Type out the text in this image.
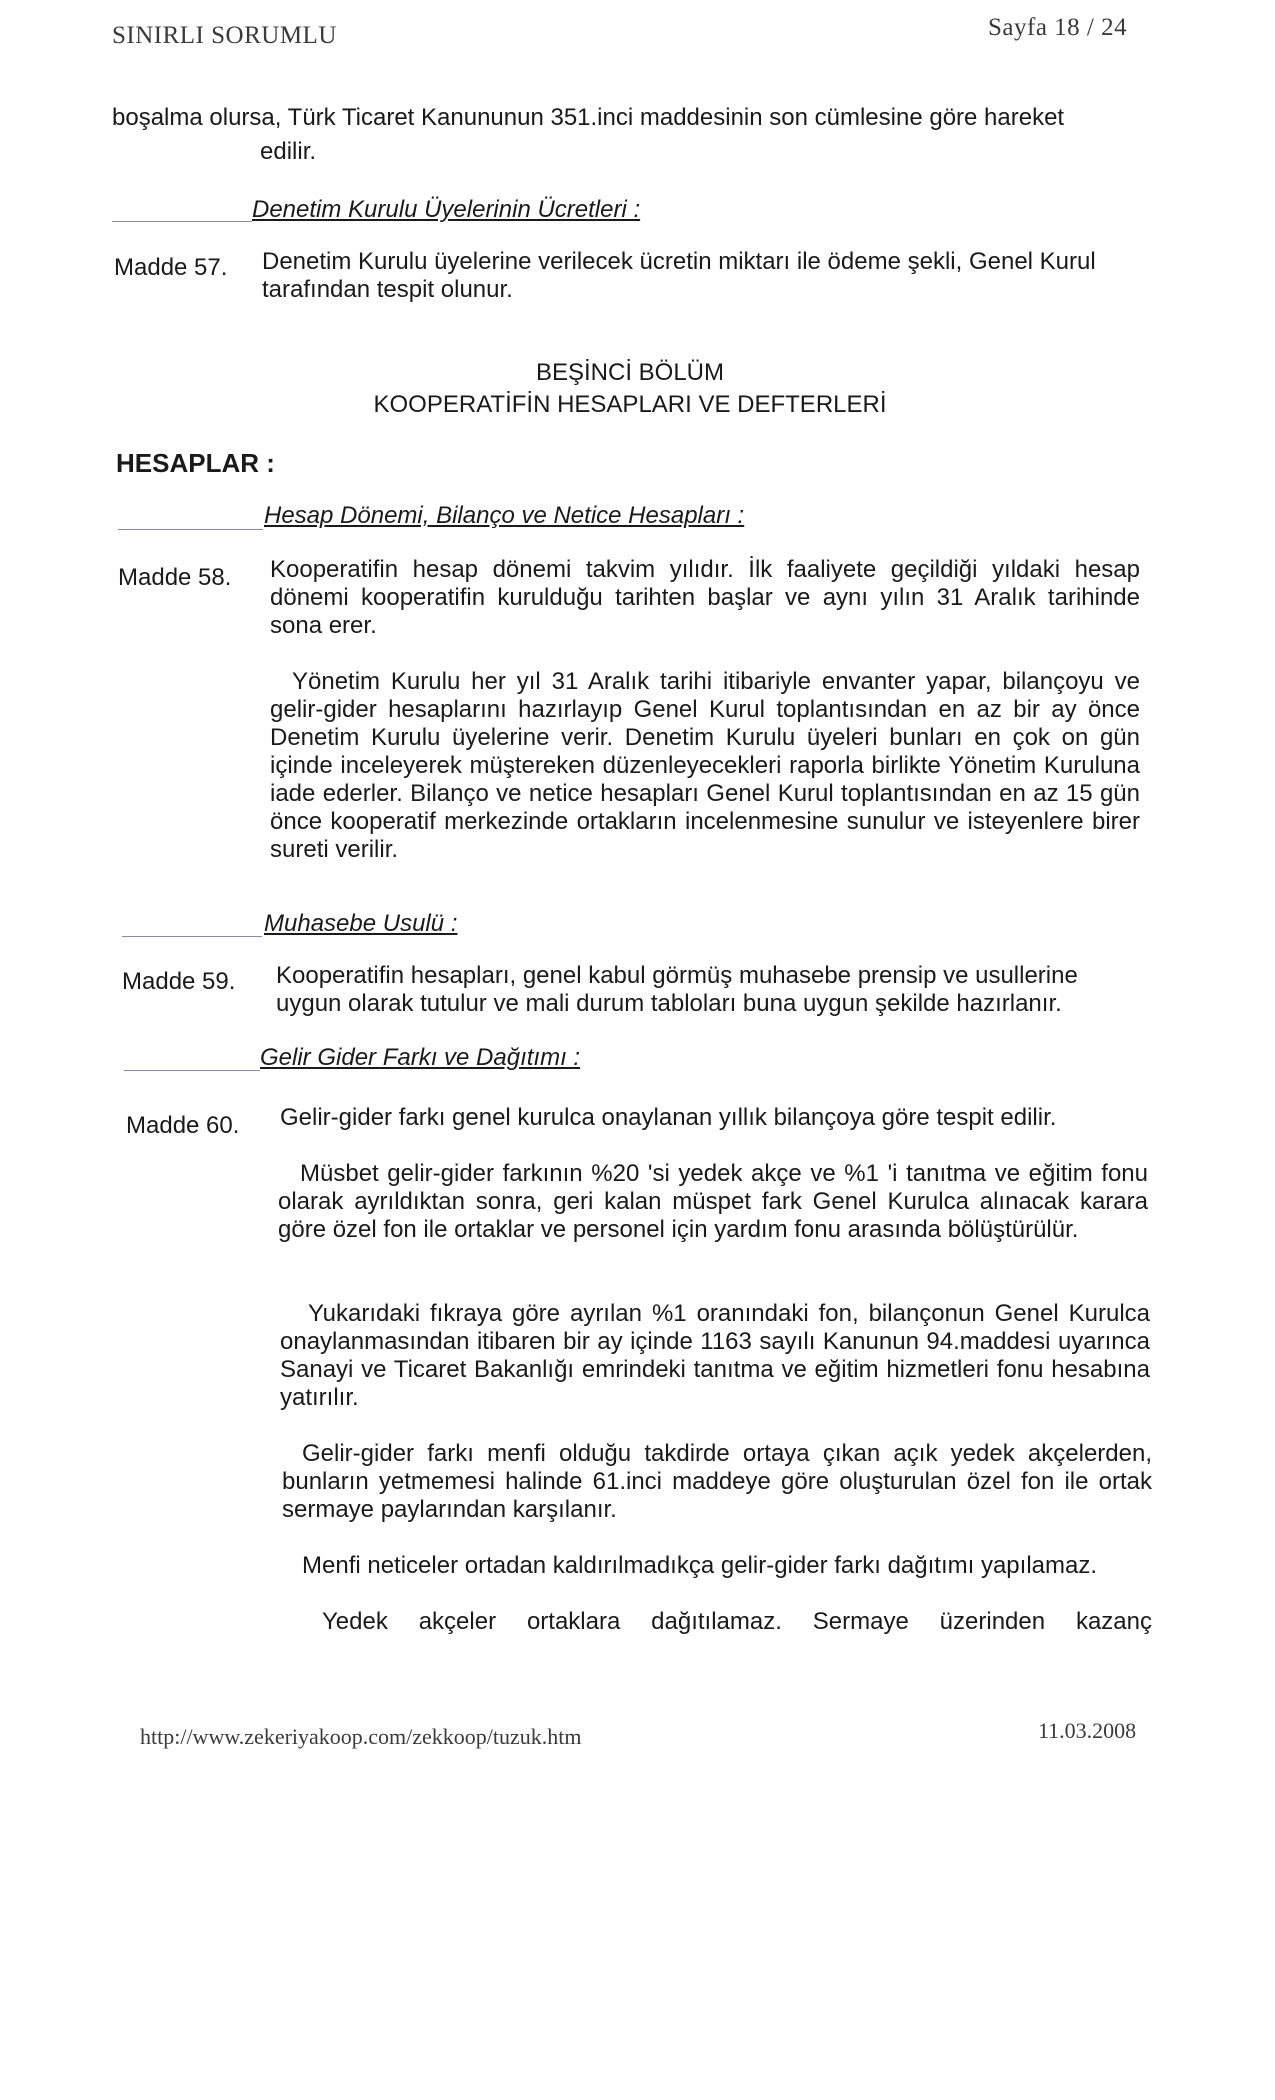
SINIRLI SORUMLU	Sayfa 18 / 24
boşalma olursa, Türk Ticaret Kanununun 351.inci maddesinin son cümlesine göre hareket
edilir.
Denetim Kurulu Üyelerinin Ücretleri :
Madde 57. Denetim Kurulu üyelerine verilecek ücretin miktarı ile ödeme şekli, Genel Kurul tarafından tespit olunur.
BEŞİNCİ BÖLÜM
KOOPERATİFİN HESAPLARI VE DEFTERLERİ
HESAPLAR :
Hesap Dönemi, Bilanço ve Netice Hesapları :
Madde 58. Kooperatifin hesap dönemi takvim yılıdır. İlk faaliyete geçildiği yıldaki hesap dönemi kooperatifin kurulduğu tarihten başlar ve aynı yılın 31 Aralık tarihinde sona erer.
Yönetim Kurulu her yıl 31 Aralık tarihi itibariyle envanter yapar, bilançoyu ve gelir-gider hesaplarını hazırlayıp Genel Kurul toplantısından en az bir ay önce Denetim Kurulu üyelerine verir. Denetim Kurulu üyeleri bunları en çok on gün içinde inceleyerek müştereken düzenleyecekleri raporla birlikte Yönetim Kuruluna iade ederler. Bilanço ve netice hesapları Genel Kurul toplantısından en az 15 gün önce kooperatif merkezinde ortakların incelenmesine sunulur ve isteyenlere birer sureti verilir.
Muhasebe Usulü :
Madde 59. Kooperatifin hesapları, genel kabul görmüş muhasebe prensip ve usullerine uygun olarak tutulur ve mali durum tabloları buna uygun şekilde hazırlanır.
Gelir Gider Farkı ve Dağıtımı :
Madde 60. Gelir-gider farkı genel kurulca onaylanan yıllık bilançoya göre tespit edilir.
Müsbet gelir-gider farkının %20 'si yedek akçe ve %1 'i tanıtma ve eğitim fonu olarak ayrıldıktan sonra, geri kalan müspet fark Genel Kurulca alınacak karara göre özel fon ile ortaklar ve personel için yardım fonu arasında bölüştürülür.
Yukarıdaki fıkraya göre ayrılan %1 oranındaki fon, bilançonun Genel Kurulca onaylanmasından itibaren bir ay içinde 1163 sayılı Kanunun 94.maddesi uyarınca Sanayi ve Ticaret Bakanlığı emrindeki tanıtma ve eğitim hizmetleri fonu hesabına yatırılır.
Gelir-gider farkı menfi olduğu takdirde ortaya çıkan açık yedek akçelerden, bunların yetmemesi halinde 61.inci maddeye göre oluşturulan özel fon ile ortak sermaye paylarından karşılanır.
Menfi neticeler ortadan kaldırılmadıkça gelir-gider farkı dağıtımı yapılamaz.
Yedek akçeler ortaklara dağıtılamaz. Sermaye üzerinden kazanç
http://www.zekeriyakoop.com/zekkoop/tuzuk.htm	11.03.2008
